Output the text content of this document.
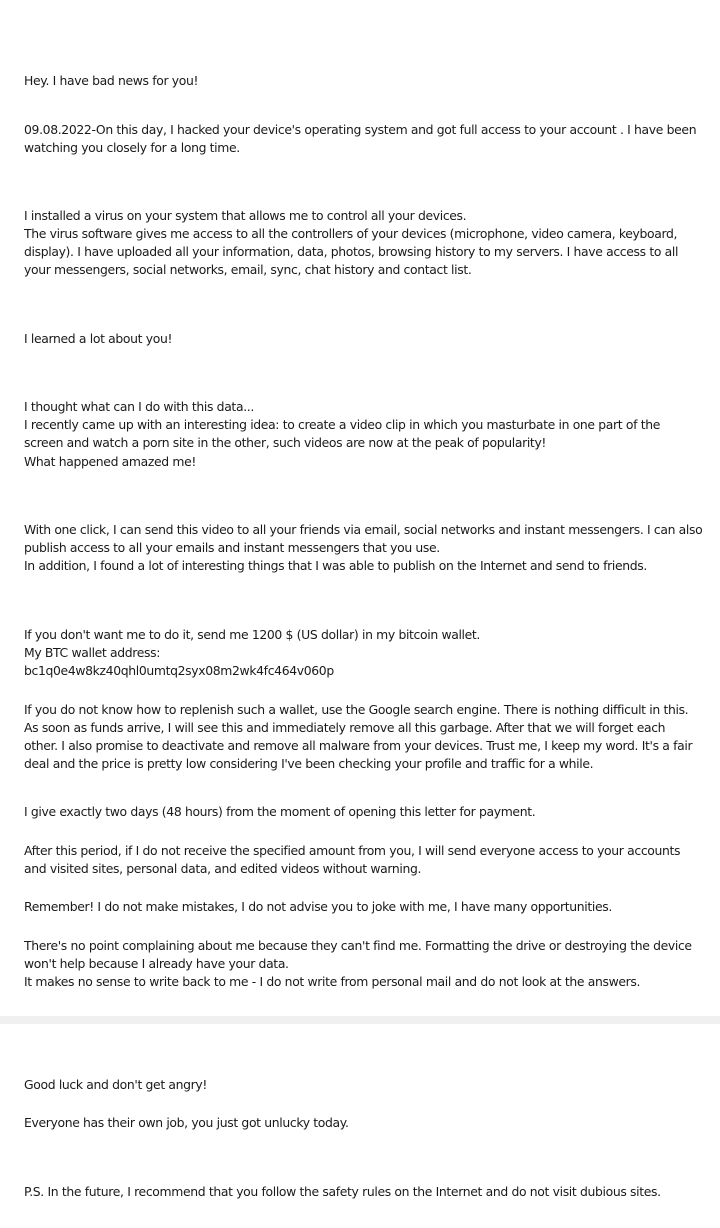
Hey. I have bad news for you!
09.08.2022-On this day, I hacked your device's operating system and got full access to your account . I have been
watching you closely for a long time.
I installed a virus on your system that allows me to control all your devices.
The virus software gives me access to all the controllers of your devices (microphone, video camera, keyboard,
display). I have uploaded all your information, data, photos, browsing history to my servers. I have access to all
your messengers, social networks, email, sync, chat history and contact list.
I learned a lot about you!
I thought what can I do with this data...
I recently came up with an interesting idea: to create a video clip in which you masturbate in one part of the
screen and watch a porn site in the other, such videos are now at the peak of popularity!
What happened amazed me!
With one click, I can send this video to all your friends via email, social networks and instant messengers. I can also
publish access to all your emails and instant messengers that you use.
In addition, I found a lot of interesting things that I was able to publish on the Internet and send to friends.
If you don't want me to do it, send me 1200 $ (US dollar) in my bitcoin wallet.
My BTC wallet address:
bc1q0e4w8kz40qhl0umtq2syx08m2wk4fc464v060p
If you do not know how to replenish such a wallet, use the Google search engine. There is nothing difficult in this.
As soon as funds arrive, I will see this and immediately remove all this garbage. After that we will forget each
other. I also promise to deactivate and remove all malware from your devices. Trust me, I keep my word. It's a fair
deal and the price is pretty low considering I've been checking your profile and traffic for a while.
I give exactly two days (48 hours) from the moment of opening this letter for payment.
After this period, if I do not receive the specified amount from you, I will send everyone access to your accounts
and visited sites, personal data, and edited videos without warning.
Remember! I do not make mistakes, I do not advise you to joke with me, I have many opportunities.
There's no point complaining about me because they can't find me. Formatting the drive or destroying the device
won't help because I already have your data.
It makes no sense to write back to me - I do not write from personal mail and do not look at the answers.
Good luck and don't get angry!
Everyone has their own job, you just got unlucky today.
P.S. In the future, I recommend that you follow the safety rules on the Internet and do not visit dubious sites.
